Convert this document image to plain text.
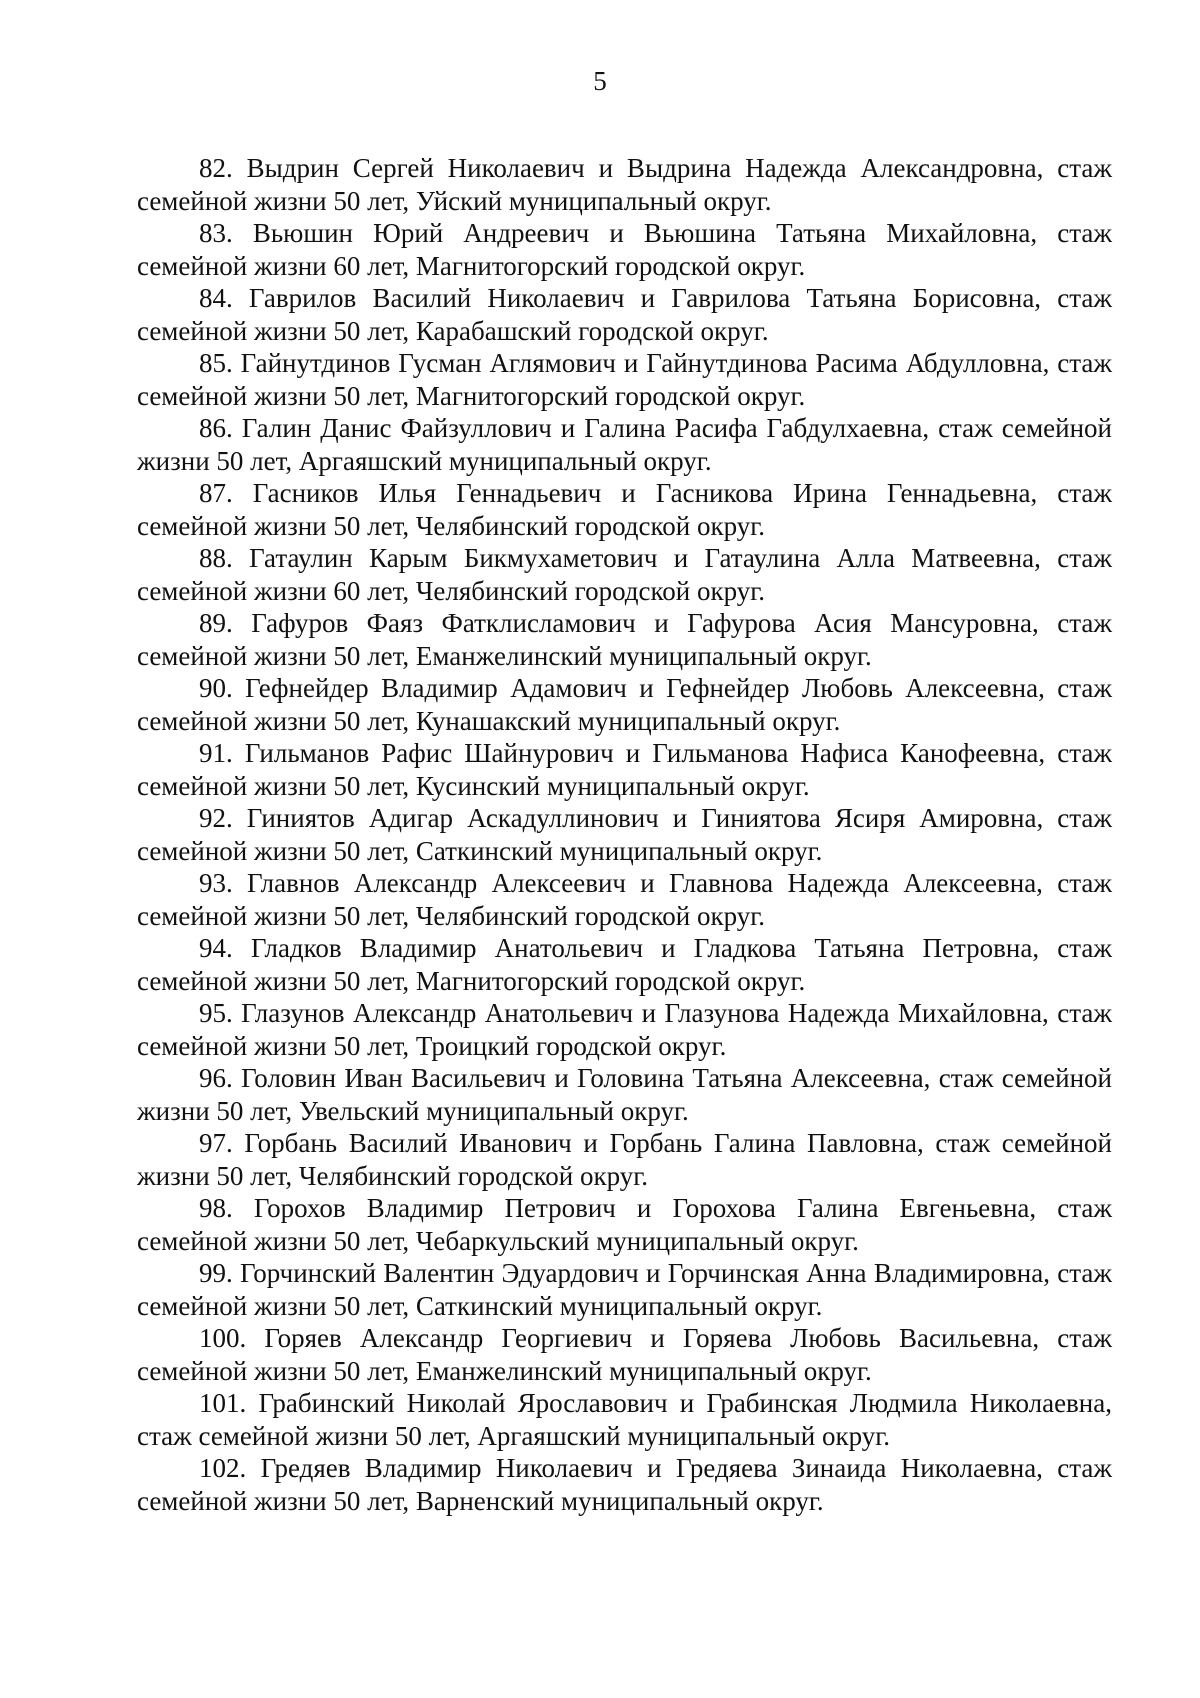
5

82. Выдрин Сергей Николаевич и Выдрина Надежда Александровна, стаж семейной жизни 50 лет, Уйский муниципальный округ.

83. Вьюшин Юрий Андреевич и Вьюшина Татьяна Михайловна, стаж семейной жизни 60 лет, Магнитогорский городской округ.

84. Гаврилов Василий Николаевич и Гаврилова Татьяна Борисовна, стаж семейной жизни 50 лет, Карабашский городской округ.

85. Гайнутдинов Гусман Аглямович и Гайнутдинова Расима Абдулловна, стаж семейной жизни 50 лет, Магнитогорский городской округ.

86. Галин Данис Файзуллович и Галина Расифа Габдулхаевна, стаж семейной жизни 50 лет, Аргаяшский муниципальный округ.

87. Гасников Илья Геннадьевич и Гасникова Ирина Геннадьевна, стаж семейной жизни 50 лет, Челябинский городской округ.

88. Гатаулин Карым Бикмухаметович и Гатаулина Алла Матвеевна, стаж семейной жизни 60 лет, Челябинский городской округ.

89. Гафуров Фаяз Фатклисламович и Гафурова Асия Мансуровна, стаж семейной жизни 50 лет, Еманжелинский муниципальный округ.

90. Гефнейдер Владимир Адамович и Гефнейдер Любовь Алексеевна, стаж семейной жизни 50 лет, Кунашакский муниципальный округ.

91. Гильманов Рафис Шайнурович и Гильманова Нафиса Канофеевна, стаж семейной жизни 50 лет, Кусинский муниципальный округ.

92. Гиниятов Адигар Аскадуллинович и Гиниятова Ясиря Амировна, стаж семейной жизни 50 лет, Саткинский муниципальный округ.

93. Главнов Александр Алексеевич и Главнова Надежда Алексеевна, стаж семейной жизни 50 лет, Челябинский городской округ.

94. Гладков Владимир Анатольевич и Гладкова Татьяна Петровна, стаж семейной жизни 50 лет, Магнитогорский городской округ.

95. Глазунов Александр Анатольевич и Глазунова Надежда Михайловна, стаж семейной жизни 50 лет, Троицкий городской округ.

96. Головин Иван Васильевич и Головина Татьяна Алексеевна, стаж семейной жизни 50 лет, Увельский муниципальный округ.

97. Горбань Василий Иванович и Горбань Галина Павловна, стаж семейной жизни 50 лет, Челябинский городской округ.

98. Горохов Владимир Петрович и Горохова Галина Евгеньевна, стаж семейной жизни 50 лет, Чебаркульский муниципальный округ.

99. Горчинский Валентин Эдуардович и Горчинская Анна Владимировна, стаж семейной жизни 50 лет, Саткинский муниципальный округ.

100. Горяев Александр Георгиевич и Горяева Любовь Васильевна, стаж семейной жизни 50 лет, Еманжелинский муниципальный округ.

101. Грабинский Николай Ярославович и Грабинская Людмила Николаевна, стаж семейной жизни 50 лет, Аргаяшский муниципальный округ.

102. Гредяев Владимир Николаевич и Гредяева Зинаида Николаевна, стаж семейной жизни 50 лет, Варненский муниципальный округ.
